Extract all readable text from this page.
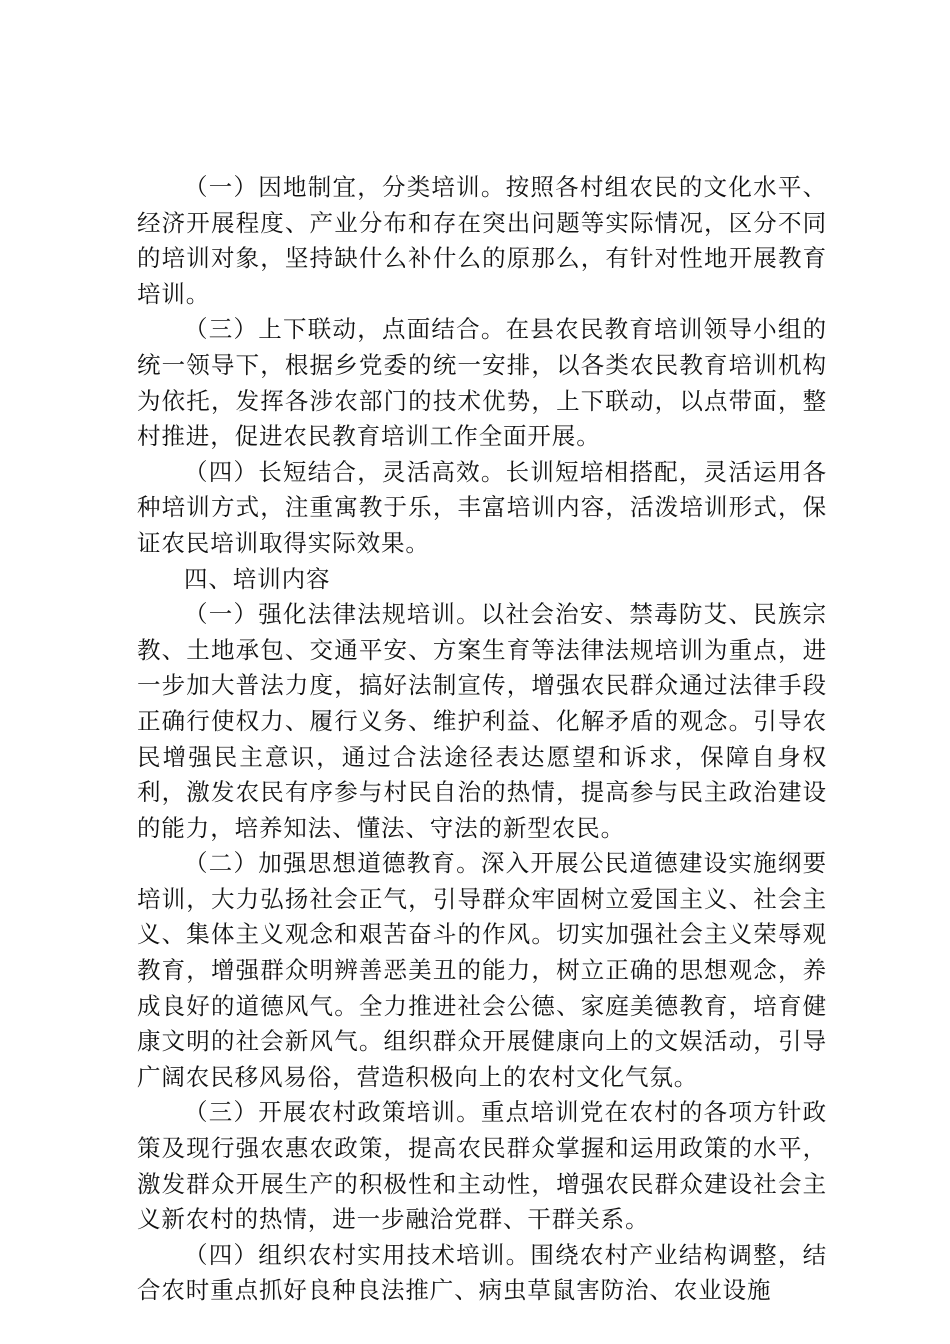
（一）因地制宜，分类培训。按照各村组农民的文化水平、经济开展程度、产业分布和存在突出问题等实际情况，区分不同的培训对象，坚持缺什么补什么的原那么，有针对性地开展教育培训。

（三）上下联动，点面结合。在县农民教育培训领导小组的统一领导下，根据乡党委的统一安排，以各类农民教育培训机构为依托，发挥各涉农部门的技术优势，上下联动，以点带面，整村推进，促进农民教育培训工作全面开展。

（四）长短结合，灵活高效。长训短培相搭配，灵活运用各种培训方式，注重寓教于乐，丰富培训内容，活泼培训形式，保证农民培训取得实际效果。

四、培训内容

（一）强化法律法规培训。以社会治安、禁毒防艾、民族宗教、土地承包、交通平安、方案生育等法律法规培训为重点，进一步加大普法力度，搞好法制宣传，增强农民群众通过法律手段正确行使权力、履行义务、维护利益、化解矛盾的观念。引导农民增强民主意识，通过合法途径表达愿望和诉求，保障自身权利，激发农民有序参与村民自治的热情，提高参与民主政治建设的能力，培养知法、懂法、守法的新型农民。

（二）加强思想道德教育。深入开展公民道德建设实施纲要培训，大力弘扬社会正气，引导群众牢固树立爱国主义、社会主义、集体主义观念和艰苦奋斗的作风。切实加强社会主义荣辱观教育，增强群众明辨善恶美丑的能力，树立正确的思想观念，养成良好的道德风气。全力推进社会公德、家庭美德教育，培育健康文明的社会新风气。组织群众开展健康向上的文娱活动，引导广阔农民移风易俗，营造积极向上的农村文化气氛。

（三）开展农村政策培训。重点培训党在农村的各项方针政策及现行强农惠农政策，提高农民群众掌握和运用政策的水平，激发群众开展生产的积极性和主动性，增强农民群众建设社会主义新农村的热情，进一步融洽党群、干群关系。

（四）组织农村实用技术培训。围绕农村产业结构调整，结合农时重点抓好良种良法推广、病虫草鼠害防治、农业设施
